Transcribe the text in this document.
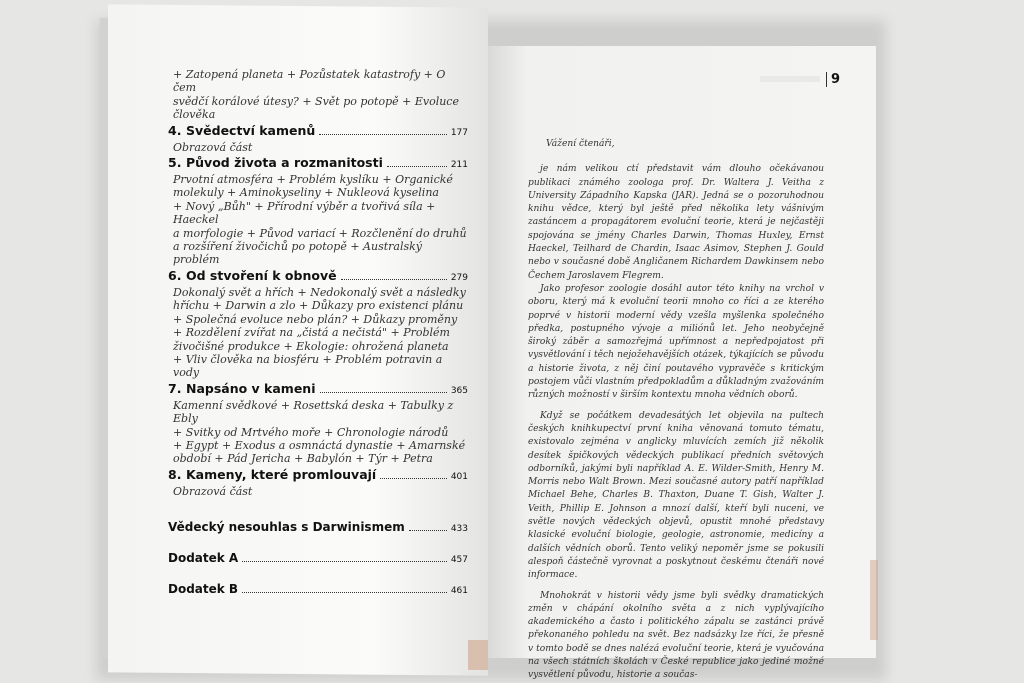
+ Zatopená planeta + Pozůstatek katastrofy + O čem
svědčí korálové útesy? + Svět po potopě + Evoluce člověka
4. Svědectví kamenů	177
Obrazová část
5. Původ života a rozmanitosti	211
Prvotní atmosféra + Problém kyslíku + Organické
molekuly + Aminokyseliny + Nukleová kyselina
+ Nový „Bůh" + Přírodní výběr a tvořivá síla + Haeckel
a morfologie + Původ variací + Rozčlenění do druhů
a rozšíření živočichů po potopě + Australský problém
6. Od stvoření k obnově	279
Dokonalý svět a hřích + Nedokonalý svět a následky
hříchu + Darwin a zlo + Důkazy pro existenci plánu
+ Společná evoluce nebo plán? + Důkazy proměny
+ Rozdělení zvířat na „čistá a nečistá" + Problém
živočišné produkce + Ekologie: ohrožená planeta
+ Vliv člověka na biosféru + Problém potravin a vody
7. Napsáno v kameni	365
Kamenní svědkové + Rosettská deska + Tabulky z Ebly
+ Svitky od Mrtvého moře + Chronologie národů
+ Egypt + Exodus a osmnáctá dynastie + Amarnské
období + Pád Jericha + Babylón + Týr + Petra
8. Kameny, které promlouvají	401
Obrazová část
Vědecký nesouhlas s Darwinismem	433
Dodatek A	457
Dodatek B	461
9

Vážení čtenáři,

je nám velikou ctí představit vám dlouho očekávanou publikaci známého zoologa prof. Dr. Waltera J. Veitha z University Západního Kapska (JAR). Jedná se o pozoruhodnou knihu vědce, který byl ještě před několika lety vášnivým zastáncem a propagátorem evoluční teorie, která je nejčastěji spojována se jmény Charles Darwin, Thomas Huxley, Ernst Haeckel, Teilhard de Chardin, Isaac Asimov, Stephen J. Gould nebo v současné době Angličanem Richardem Dawkinsem nebo Čechem Jaroslavem Flegrem.

Jako profesor zoologie dosáhl autor této knihy na vrchol v oboru, který má k evoluční teorii mnoho co říci a ze kterého poprvé v historii moderní vědy vzešla myšlenka společného předka, postupného vývoje a miliónů let. Jeho neobyčejně široký záběr a samozřejmá upřímnost a nepředpojatost při vysvětlování i těch nejožehavějších otázek, týkajících se původu a historie života, z něj činí poutavého vypravěče s kritickým postojem vůči vlastním předpokladům a důkladným zvažováním různých možností v širším kontextu mnoha vědních oborů.

Když se počátkem devadesátých let objevila na pultech českých knihkupectví první kniha věnovaná tomuto tématu, existovalo zejména v anglicky mluvících zemích již několik desítek špičkových vědeckých publikací předních světových odborníků, jakými byli například A. E. Wilder-Smith, Henry M. Morris nebo Walt Brown. Mezi současné autory patří například Michael Behe, Charles B. Thaxton, Duane T. Gish, Walter J. Veith, Phillip E. Johnson a mnozí další, kteří byli nuceni, ve světle nových vědeckých objevů, opustit mnohé představy klasické evoluční biologie, geologie, astronomie, medicíny a dalších vědních oborů. Tento veliký nepoměr jsme se pokusili alespoň částečně vyrovnat a poskytnout českému čtenáři nové informace.

Mnohokrát v historii vědy jsme byli svědky dramatických změn v chápání okolního světa a z nich vyplývajícího akademického a často i politického zápalu se zastánci právě překonaného pohledu na svět. Bez nadsázky lze říci, že přesně v tomto bodě se dnes nalézá evoluční teorie, která je vyučována na všech státních školách v České republice jako jediné možné vysvětlení původu, historie a součas-
